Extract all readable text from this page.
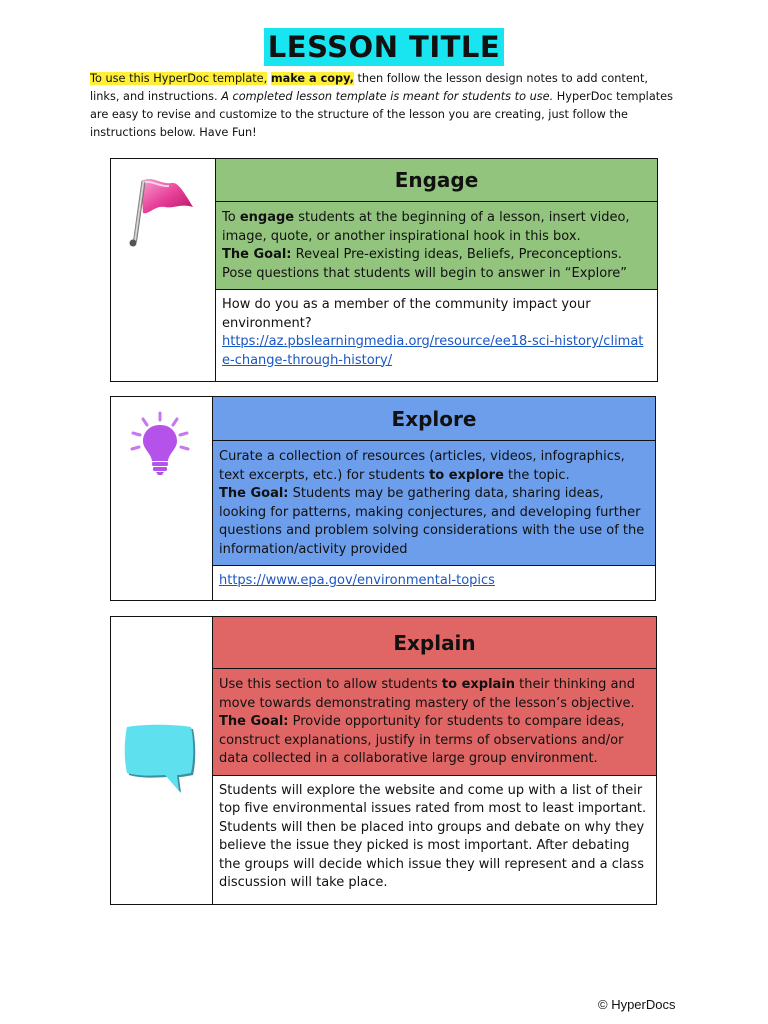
LESSON TITLE
To use this HyperDoc template, make a copy, then follow the lesson design notes to add content, links, and instructions. A completed lesson template is meant for students to use. HyperDoc templates are easy to revise and customize to the structure of the lesson you are creating, just follow the instructions below. Have Fun!
Engage
To engage students at the beginning of a lesson, insert video, image, quote, or another inspirational hook in this box.
The Goal: Reveal Pre-existing ideas, Beliefs, Preconceptions. Pose questions that students will begin to answer in “Explore”
How do you as a member of the community impact your environment?
https://az.pbslearningmedia.org/resource/ee18-sci-history/climate-change-through-history/
Explore
Curate a collection of resources (articles, videos, infographics, text excerpts, etc.) for students to explore the topic.
The Goal: Students may be gathering data, sharing ideas, looking for patterns, making conjectures, and developing further questions and problem solving considerations with the use of the information/activity provided
https://www.epa.gov/environmental-topics
Explain
Use this section to allow students to explain their thinking and move towards demonstrating mastery of the lesson’s objective.
The Goal: Provide opportunity for students to compare ideas, construct explanations, justify in terms of observations and/or data collected in a collaborative large group environment.
Students will explore the website and come up with a list of their top five environmental issues rated from most to least important. Students will then be placed into groups and debate on why they believe the issue they picked is most important. After debating the groups will decide which issue they will represent and a class discussion will take place.
© HyperDocs
